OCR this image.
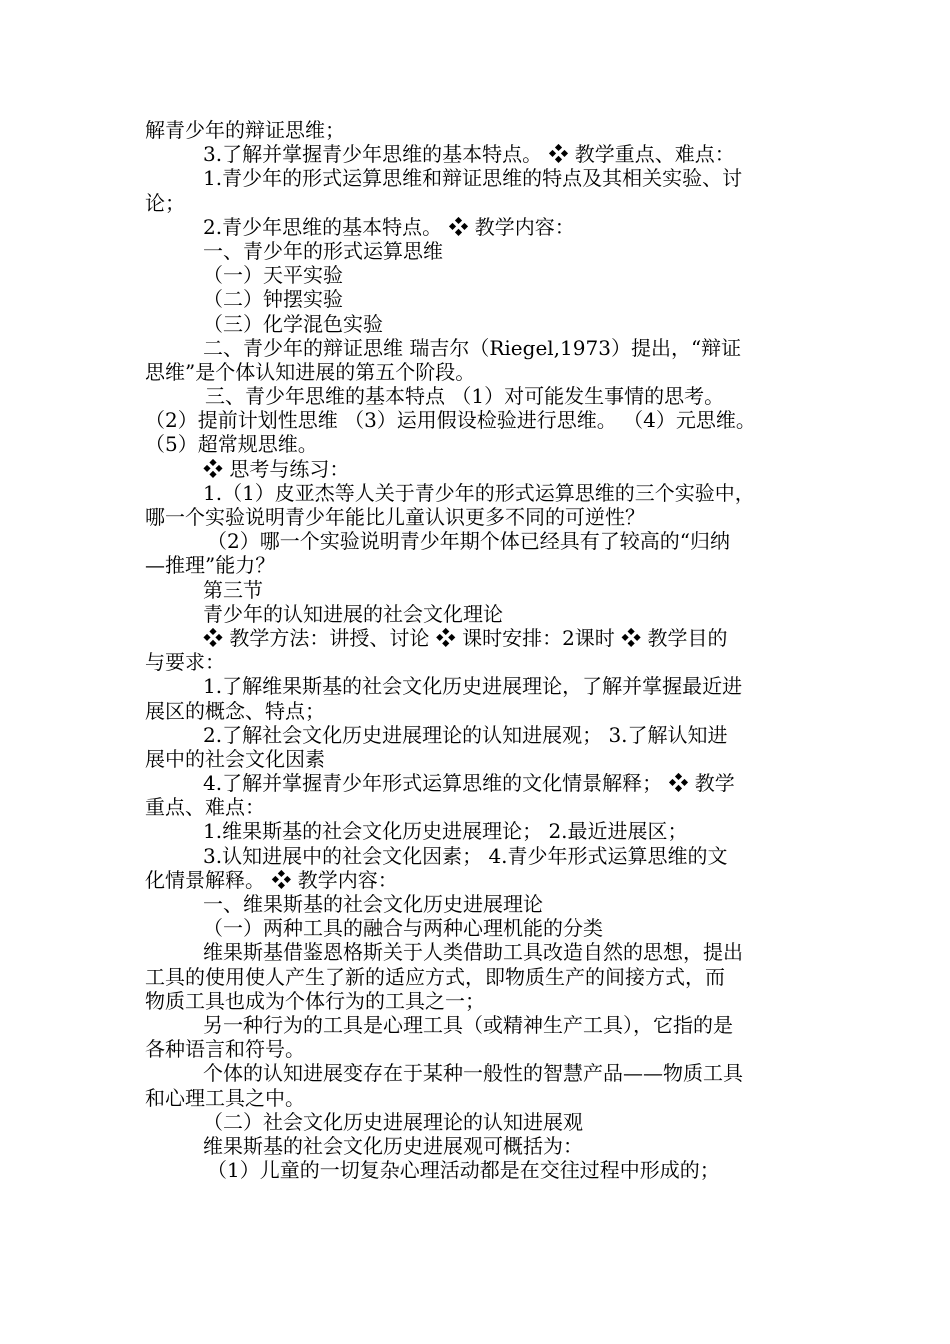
解青少年的辩证思维；
3.了解并掌握青少年思维的基本特点。 ❖ 教学重点、难点：
1.青少年的形式运算思维和辩证思维的特点及其相关实验、讨
论；
2.青少年思维的基本特点。 ❖ 教学内容：
一、青少年的形式运算思维
（一）天平实验
（二）钟摆实验
（三）化学混色实验
二、青少年的辩证思维 瑞吉尔（Riegel,1973）提出，“辩证
思维”是个体认知进展的第五个阶段。
三、青少年思维的基本特点 （1）对可能发生事情的思考。
（2）提前计划性思维 （3）运用假设检验进行思维。 （4）元思维。
（5）超常规思维。
❖ 思考与练习：
1.（1）皮亚杰等人关于青少年的形式运算思维的三个实验中，
哪一个实验说明青少年能比儿童认识更多不同的可逆性？
（2）哪一个实验说明青少年期个体已经具有了较高的“归纳
—推理”能力？
第三节
青少年的认知进展的社会文化理论
❖ 教学方法：讲授、讨论 ❖ 课时安排：2课时 ❖ 教学目的
与要求：
1.了解维果斯基的社会文化历史进展理论，了解并掌握最近进
展区的概念、特点；
2.了解社会文化历史进展理论的认知进展观； 3.了解认知进
展中的社会文化因素
4.了解并掌握青少年形式运算思维的文化情景解释； ❖ 教学
重点、难点：
1.维果斯基的社会文化历史进展理论； 2.最近进展区；
3.认知进展中的社会文化因素； 4.青少年形式运算思维的文
化情景解释。 ❖ 教学内容：
一、维果斯基的社会文化历史进展理论
（一）两种工具的融合与两种心理机能的分类
维果斯基借鉴恩格斯关于人类借助工具改造自然的思想，提出
工具的使用使人产生了新的适应方式，即物质生产的间接方式，而
物质工具也成为个体行为的工具之一；
另一种行为的工具是心理工具（或精神生产工具），它指的是
各种语言和符号。
个体的认知进展变存在于某种一般性的智慧产品——物质工具
和心理工具之中。
（二）社会文化历史进展理论的认知进展观
维果斯基的社会文化历史进展观可概括为：
（1）儿童的一切复杂心理活动都是在交往过程中形成的；
